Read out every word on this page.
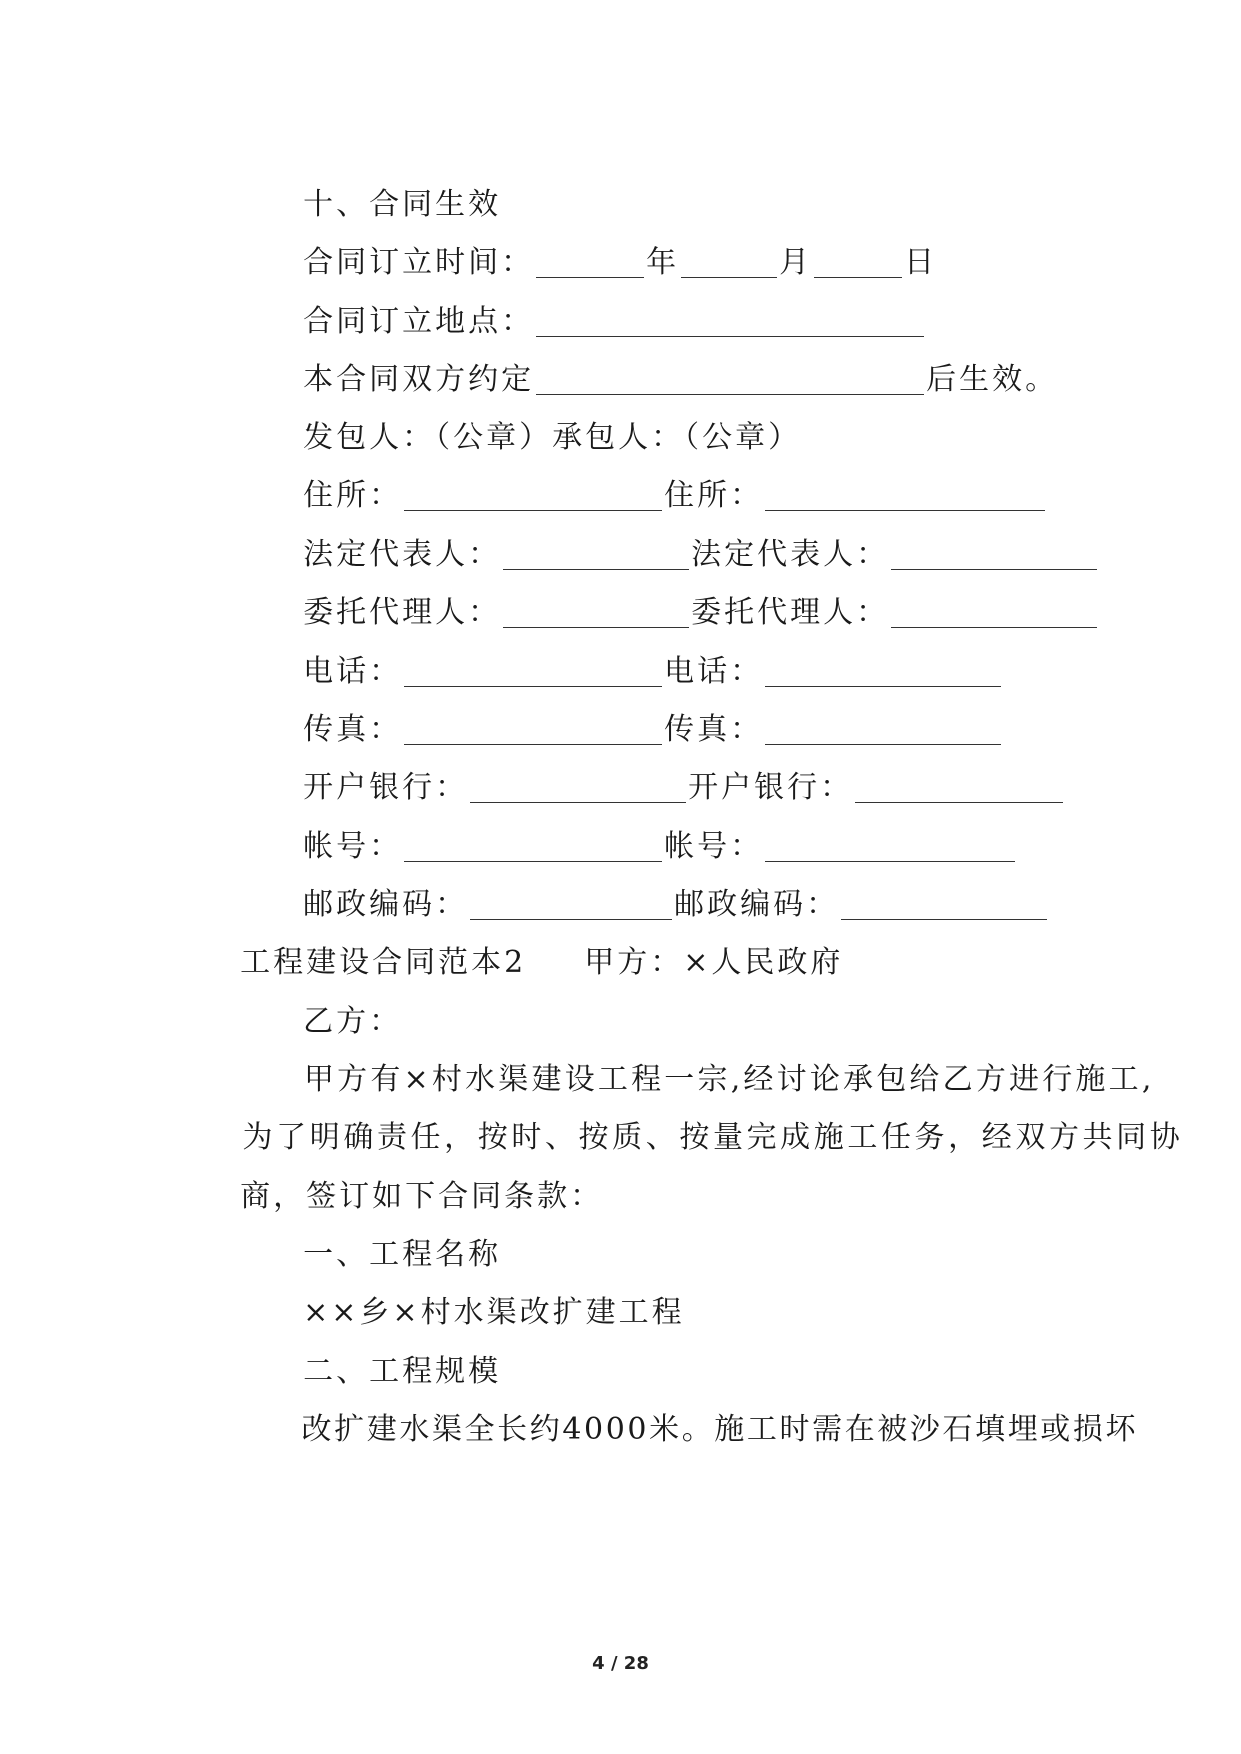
十、合同生效

合同订立时间：	年	月	日

合同订立地点：

本合同双方约定	后生效。

发包人：（公章）承包人：（公章）

住所：	住所：

法定代表人：	法定代表人：

委托代理人：	委托代理人：

电话：	电话：

传真：	传真：

开户银行：	开户银行：

帐号：	帐号：

邮政编码：	邮政编码：

工程建设合同范本2 甲方：×人民政府

乙方：

甲方有×村水渠建设工程一宗,经讨论承包给乙方进行施工,

为了明确责任，按时、按质、按量完成施工任务，经双方共同协

商，签订如下合同条款：

一、工程名称

××乡×村水渠改扩建工程

二、工程规模

改扩建水渠全长约4000米。施工时需在被沙石填埋或损坏

4 / 28
